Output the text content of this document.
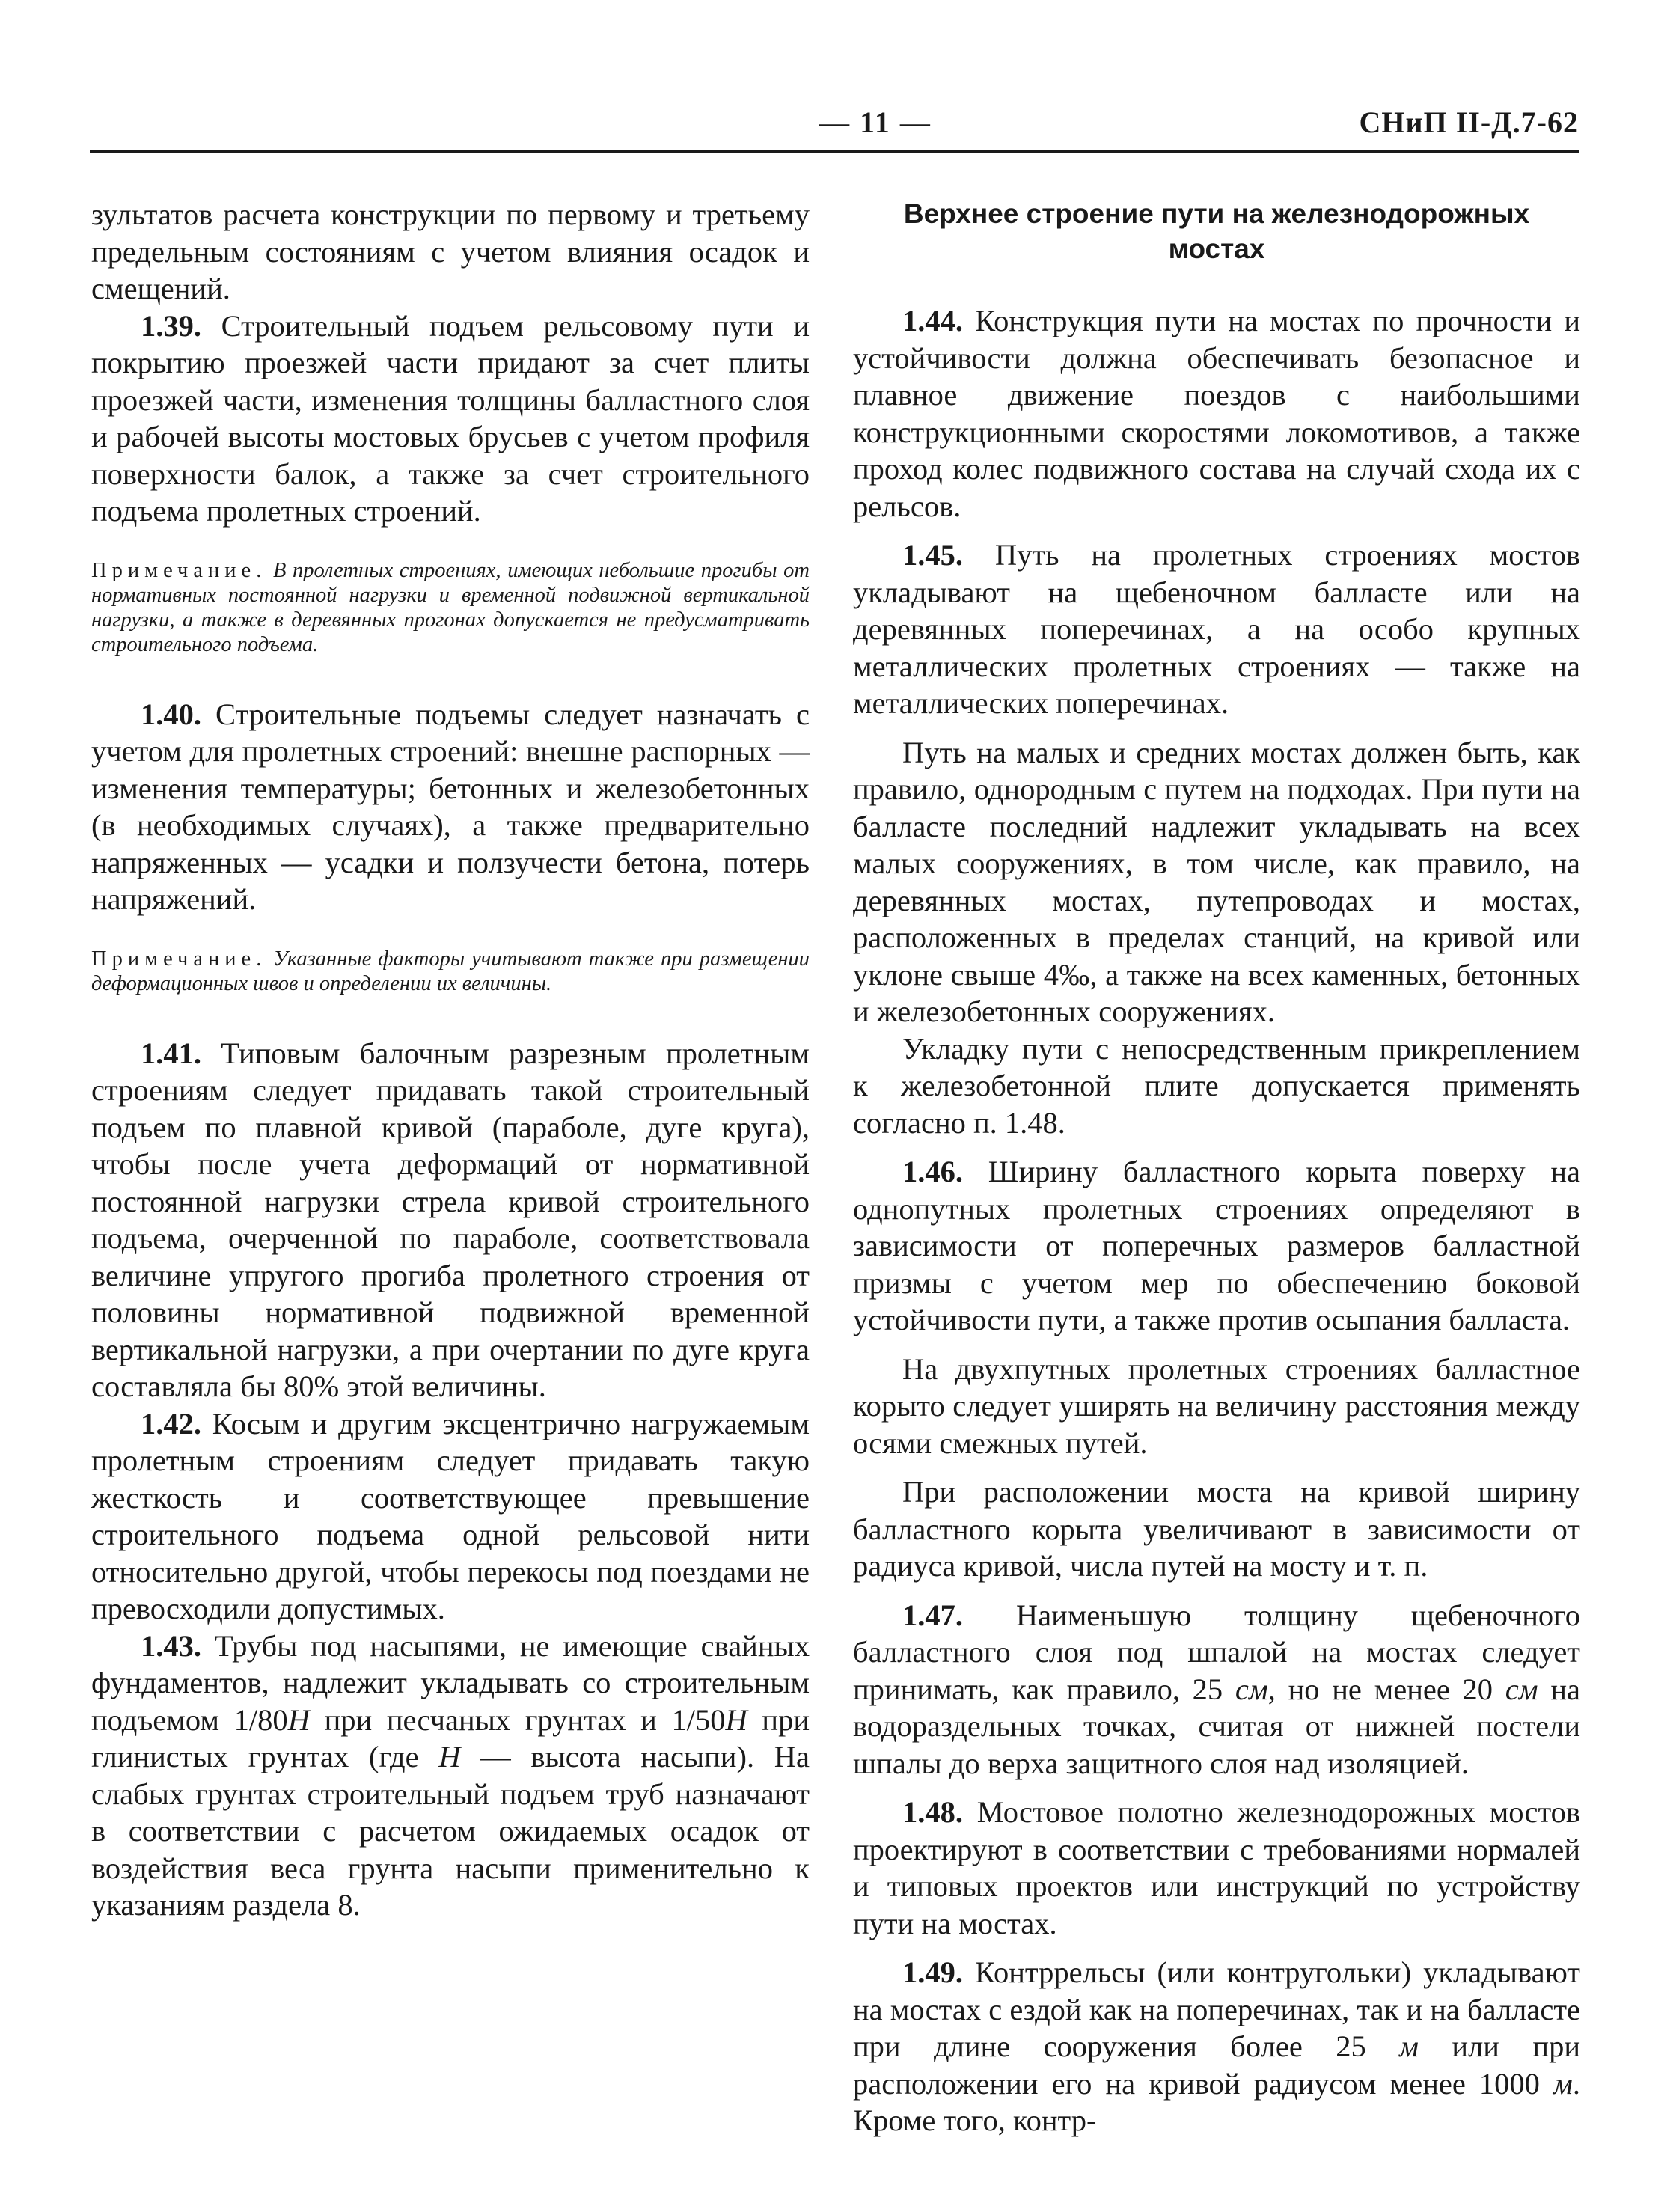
— 11 —	СНиП II-Д.7-62

зультатов расчета конструкции по первому и третьему предельным состояниям с учетом влияния осадок и смещений.

1.39. Строительный подъем рельсовому пути и покрытию проезжей части придают за счет плиты проезжей части, изменения толщины балластного слоя и рабочей высоты мостовых брусьев с учетом профиля поверхности балок, а также за счет строительного подъема пролетных строений.

Примечание. В пролетных строениях, имеющих небольшие прогибы от нормативных постоянной нагрузки и временной подвижной вертикальной нагрузки, а также в деревянных прогонах допускается не предусматривать строительного подъема.

1.40. Строительные подъемы следует назначать с учетом для пролетных строений: внешне распорных — изменения температуры; бетонных и железобетонных (в необходимых случаях), а также предварительно напряженных — усадки и ползучести бетона, потерь напряжений.

Примечание. Указанные факторы учитывают также при размещении деформационных швов и определении их величины.

1.41. Типовым балочным разрезным пролетным строениям следует придавать такой строительный подъем по плавной кривой (параболе, дуге круга), чтобы после учета деформаций от нормативной постоянной нагрузки стрела кривой строительного подъема, очерченной по параболе, соответствовала величине упругого прогиба пролетного строения от половины нормативной подвижной временной вертикальной нагрузки, а при очертании по дуге круга составляла бы 80% этой величины.

1.42. Косым и другим эксцентрично нагружаемым пролетным строениям следует придавать такую жесткость и соответствующее превышение строительного подъема одной рельсовой нити относительно другой, чтобы перекосы под поездами не превосходили допустимых.

1.43. Трубы под насыпями, не имеющие свайных фундаментов, надлежит укладывать со строительным подъемом 1/80H при песчаных грунтах и 1/50H при глинистых грунтах (где H — высота насыпи). На слабых грунтах строительный подъем труб назначают в соответствии с расчетом ожидаемых осадок от воздействия веса грунта насыпи применительно к указаниям раздела 8.

Верхнее строение пути на железнодорожных мостах

1.44. Конструкция пути на мостах по прочности и устойчивости должна обеспечивать безопасное и плавное движение поездов с наибольшими конструкционными скоростями локомотивов, а также проход колес подвижного состава на случай схода их с рельсов.

1.45. Путь на пролетных строениях мостов укладывают на щебеночном балласте или на деревянных поперечинах, а на особо крупных металлических пролетных строениях — также на металлических поперечинах.

Путь на малых и средних мостах должен быть, как правило, однородным с путем на подходах. При пути на балласте последний надлежит укладывать на всех малых сооружениях, в том числе, как правило, на деревянных мостах, путепроводах и мостах, расположенных в пределах станций, на кривой или уклоне свыше 4‰, а также на всех каменных, бетонных и железобетонных сооружениях.

Укладку пути с непосредственным прикреплением к железобетонной плите допускается применять согласно п. 1.48.

1.46. Ширину балластного корыта поверху на однопутных пролетных строениях определяют в зависимости от поперечных размеров балластной призмы с учетом мер по обеспечению боковой устойчивости пути, а также против осыпания балласта.

На двухпутных пролетных строениях балластное корыто следует уширять на величину расстояния между осями смежных путей.

При расположении моста на кривой ширину балластного корыта увеличивают в зависимости от радиуса кривой, числа путей на мосту и т. п.

1.47. Наименьшую толщину щебеночного балластного слоя под шпалой на мостах следует принимать, как правило, 25 см, но не менее 20 см на водораздельных точках, считая от нижней постели шпалы до верха защитного слоя над изоляцией.

1.48. Мостовое полотно железнодорожных мостов проектируют в соответствии с требованиями нормалей и типовых проектов или инструкций по устройству пути на мостах.

1.49. Контррельсы (или контругольки) укладывают на мостах с ездой как на поперечинах, так и на балласте при длине сооружения более 25 м или при расположении его на кривой радиусом менее 1000 м. Кроме того, контр-
